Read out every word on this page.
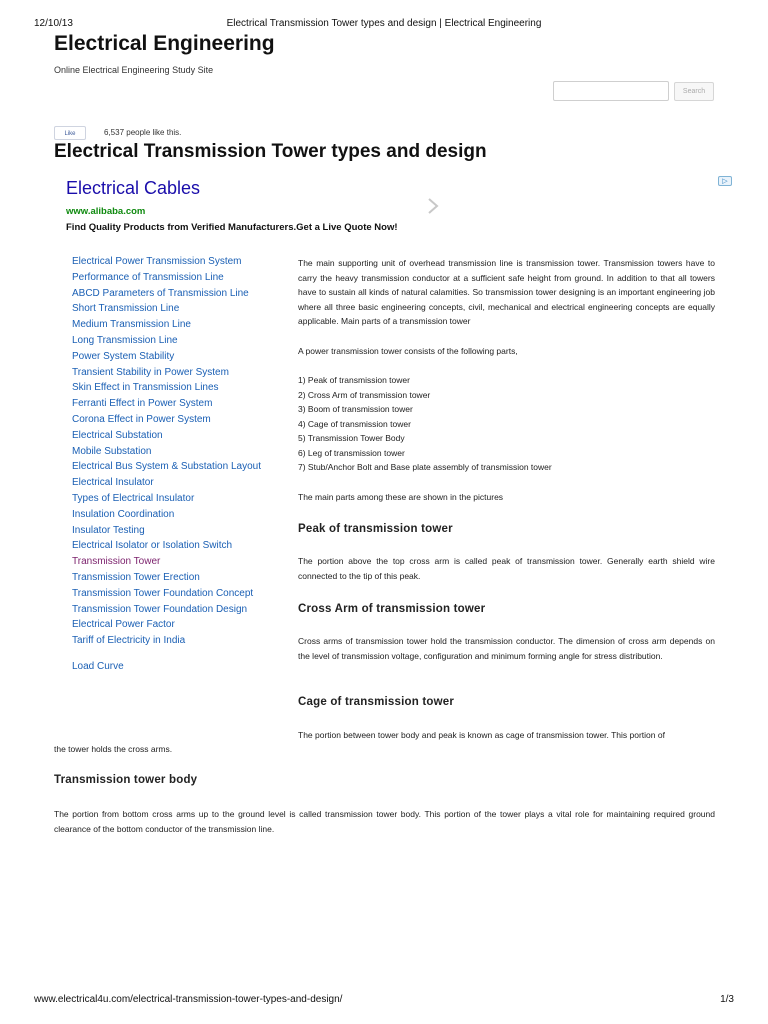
12/10/13	Electrical Transmission Tower types and design | Electrical Engineering
Electrical Engineering
Online Electrical Engineering Study Site
Search
Like	6,537 people like this.
Electrical Transmission Tower types and design
Electrical Cables
www.alibaba.com
Find Quality Products from Verified Manufacturers.Get a Live Quote Now!
▷
Electrical Power Transmission System
Performance of Transmission Line
ABCD Parameters of Transmission Line
Short Transmission Line
Medium Transmission Line
Long Transmission Line
Power System Stability
Transient Stability in Power System
Skin Effect in Transmission Lines
Ferranti Effect in Power System
Corona Effect in Power System
Electrical Substation
Mobile Substation
Electrical Bus System & Substation Layout
Electrical Insulator
Types of Electrical Insulator
Insulation Coordination
Insulator Testing
Electrical Isolator or Isolation Switch
Transmission Tower
Transmission Tower Erection
Transmission Tower Foundation Concept
Transmission Tower Foundation Design
Electrical Power Factor
Tariff of Electricity in India
Load Curve

The main supporting unit of overhead transmission line is transmission tower. Transmission towers have to carry the heavy transmission conductor at a sufficient safe height from ground. In addition to that all towers have to sustain all kinds of natural calamities. So transmission tower designing is an important engineering job where all three basic engineering concepts, civil, mechanical and electrical engineering concepts are equally applicable. Main parts of a transmission tower

A power transmission tower consists of the following parts,

1) Peak of transmission tower
2) Cross Arm of transmission tower
3) Boom of transmission tower
4) Cage of transmission tower
5) Transmission Tower Body
6) Leg of transmission tower
7) Stub/Anchor Bolt and Base plate assembly of transmission tower

The main parts among these are shown in the pictures

Peak of transmission tower

The portion above the top cross arm is called peak of transmission tower. Generally earth shield wire connected to the tip of this peak.

Cross Arm of transmission tower

Cross arms of transmission tower hold the transmission conductor. The dimension of cross arm depends on the level of transmission voltage, configuration and minimum forming angle for stress distribution.

Cage of transmission tower

The portion between tower body and peak is known as cage of transmission tower. This portion of

the tower holds the cross arms.

Transmission tower body

The portion from bottom cross arms up to the ground level is called transmission tower body. This portion of the tower plays a vital role for maintaining required ground clearance of the bottom conductor of the transmission line.

www.electrical4u.com/electrical-transmission-tower-types-and-design/	1/3
